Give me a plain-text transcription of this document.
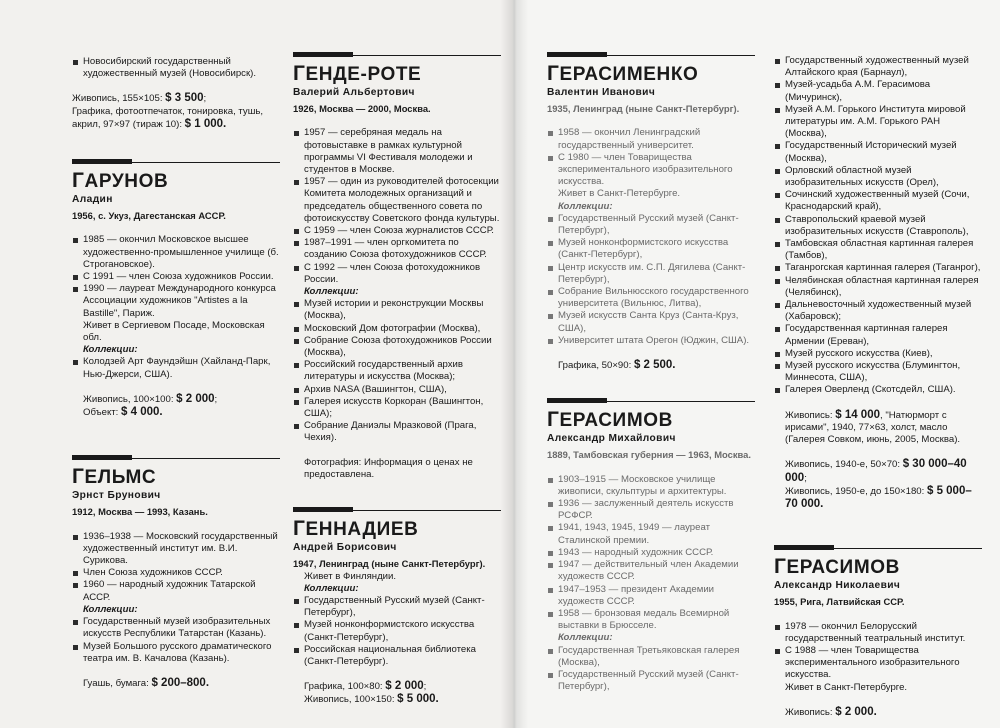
Новосибирский государственный художественный музей (Новосибирск).

Живопись, 155×105: $ 3 500;

Графика, фотоотпечаток, тонировка, тушь, акрил, 97×97 (тираж 10): $ 1 000.

ГАРУНОВ
Аладин
1956, с. Укуз, Дагестанская АССР.
1985 — окончил Московское высшее художественно-промышленное училище (б. Строгановское).
С 1991 — член Союза художников России.
1990 — лауреат Международного конкурса Ассоциации художников "Artistes a la Bastille", Париж.

Живет в Сергиевом Посаде, Московская обл.

Коллекции:

Колодзей Арт Фаундэйшн (Хайланд-Парк, Нью-Джерси, США).

Живопись, 100×100: $ 2 000;

Объект: $ 4 000.

ГЕЛЬМС
Эрнст Брунович
1912, Москва — 1993, Казань.
1936–1938 — Московский государственный художественный институт им. В.И. Сурикова.
Член Союза художников СССР.
1960 — народный художник Татарской АССР.

Коллекции:

Государственный музей изобразительных искусств Республики Татарстан (Казань).
Музей Большого русского драматического театра им. В. Качалова (Казань).

Гуашь, бумага: $ 200–800.

ГЕНДЕ-РОТЕ
Валерий Альбертович
1926, Москва — 2000, Москва.
1957 — серебряная медаль на фотовыставке в рамках культурной программы VI Фестиваля молодежи и студентов в Москве.
1957 — один из руководителей фотосекции Комитета молодежных организаций и председатель общественного совета по фотоискусству Советского фонда культуры.
С 1959 — член Союза журналистов СССР.
1987–1991 — член оргкомитета по созданию Союза фотохудожников СССР.
С 1992 — член Союза фотохудожников России.

Коллекции:

Музей истории и реконструкции Москвы (Москва),
Московский Дом фотографии (Москва),
Собрание Союза фотохудожников России (Москва),
Российский государственный архив литературы и искусства (Москва);
Архив NASA (Вашингтон, США),
Галерея искусств Коркоран (Вашингтон, США);
Собрание Даниэлы Мразковой (Прага, Чехия).

Фотография: Информация о ценах не предоставлена.

ГЕННАДИЕВ
Андрей Борисович
1947, Ленинград (ныне Санкт-Петербург).

Живет в Финляндии.

Коллекции:

Государственный Русский музей (Санкт-Петербург),
Музей нонконформистского искусства (Санкт-Петербург),
Российская национальная библиотека (Санкт-Петербург).

Графика, 100×80: $ 2 000;

Живопись, 100×150: $ 5 000.

ГЕРАСИМЕНКО
Валентин Иванович
1935, Ленинград (ныне Санкт-Петербург).
1958 — окончил Ленинградский государственный университет.
С 1980 — член Товарищества экспериментального изобразительного искусства.

Живет в Санкт-Петербурге.

Коллекции:

Государственный Русский музей (Санкт-Петербург),
Музей нонконформистского искусства (Санкт-Петербург),
Центр искусств им. С.П. Дягилева (Санкт-Петербург),
Собрание Вильнюсского государственного университета (Вильнюс, Литва),
Музей искусств Санта Круз (Санта-Круз, США),
Университет штата Орегон (Юджин, США).

Графика, 50×90: $ 2 500.

ГЕРАСИМОВ
Александр Михайлович
1889, Тамбовская губерния — 1963, Москва.
1903–1915 — Московское училище живописи, скульптуры и архитектуры.
1936 — заслуженный деятель искусств РСФСР.
1941, 1943, 1945, 1949 — лауреат Сталинской премии.
1943 — народный художник СССР.
1947 — действительный член Академии художеств СССР.
1947–1953 — президент Академии художеств СССР.
1958 — бронзовая медаль Всемирной выставки в Брюсселе.

Коллекции:

Государственная Третьяковская галерея (Москва),
Государственный Русский музей (Санкт-Петербург),
Государственный художественный музей Алтайского края (Барнаул),
Музей-усадьба А.М. Герасимова (Мичуринск),
Музей А.М. Горького Института мировой литературы им. А.М. Горького РАН (Москва),
Государственный Исторический музей (Москва),
Орловский областной музей изобразительных искусств (Орел),
Сочинский художественный музей (Сочи, Краснодарский край),
Ставропольский краевой музей изобразительных искусств (Ставрополь),
Тамбовская областная картинная галерея (Тамбов),
Таганрогская картинная галерея (Таганрог),
Челябинская областная картинная галерея (Челябинск),
Дальневосточный художественный музей (Хабаровск);
Государственная картинная галерея Армении (Ереван),
Музей русского искусства (Киев),
Музей русского искусства (Блумингтон, Миннесота, США),
Галерея Оверленд (Скотсдейл, США).

Живопись: $ 14 000, "Натюрморт с ирисами", 1940, 77×63, холст, масло (Галерея Совком, июнь, 2005, Москва).

Живопись, 1940-е, 50×70: $ 30 000–40 000;

Живопись, 1950-е, до 150×180: $ 5 000–70 000.

ГЕРАСИМОВ
Александр Николаевич
1955, Рига, Латвийская ССР.
1978 — окончил Белорусский государственный театральный институт.
С 1988 — член Товарищества экспериментального изобразительного искусства.

Живет в Санкт-Петербурге.

Живопись: $ 2 000.
